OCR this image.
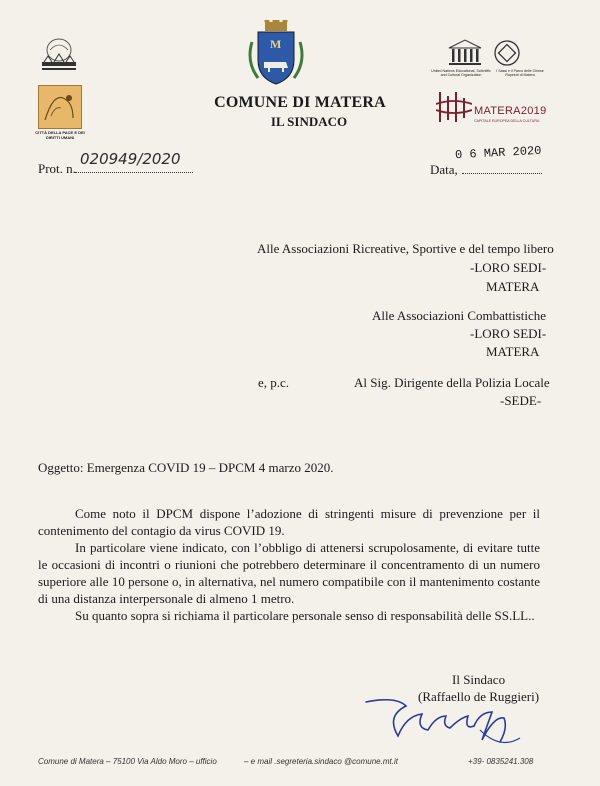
CITTÀ DELLA PACE E DEI DIRITTI UMANI
M
United Nations Educational, Scientific and Cultural Organization
I Sassi e il Parco delle Chiese Rupestri di Matera
MATERA2019
CAPITALE EUROPEA DELLA CULTURA
COMUNE DI MATERA
IL SINDACO
Prot. n.
020949/2020	0 6 MAR 2020
Data,
Alle Associazioni Ricreative, Sportive e del tempo libero
-LORO SEDI-
MATERA
Alle Associazioni Combattistiche
-LORO SEDI-
MATERA
e, p.c.	Al Sig. Dirigente della Polizia Locale
-SEDE-
Oggetto: Emergenza COVID 19 – DPCM 4 marzo 2020.

Come noto il DPCM dispone l’adozione di stringenti misure di prevenzione per il contenimento del contagio da virus COVID 19.

In particolare viene indicato, con l’obbligo di attenersi scrupolosamente, di evitare tutte le occasioni di incontri o riunioni che potrebbero determinare il concentramento di un numero superiore alle 10 persone o, in alternativa, nel numero compatibile con il mantenimento costante di una distanza interpersonale di almeno 1 metro.

Su quanto sopra si richiama il particolare personale senso di responsabilità delle SS.LL..

Il Sindaco
(Raffaello de Ruggieri)
Comune di Matera – 75100 Via Aldo Moro – ufficio	– e mail .segreteria.sindaco @comune.mt.it	+39- 0835241.308
